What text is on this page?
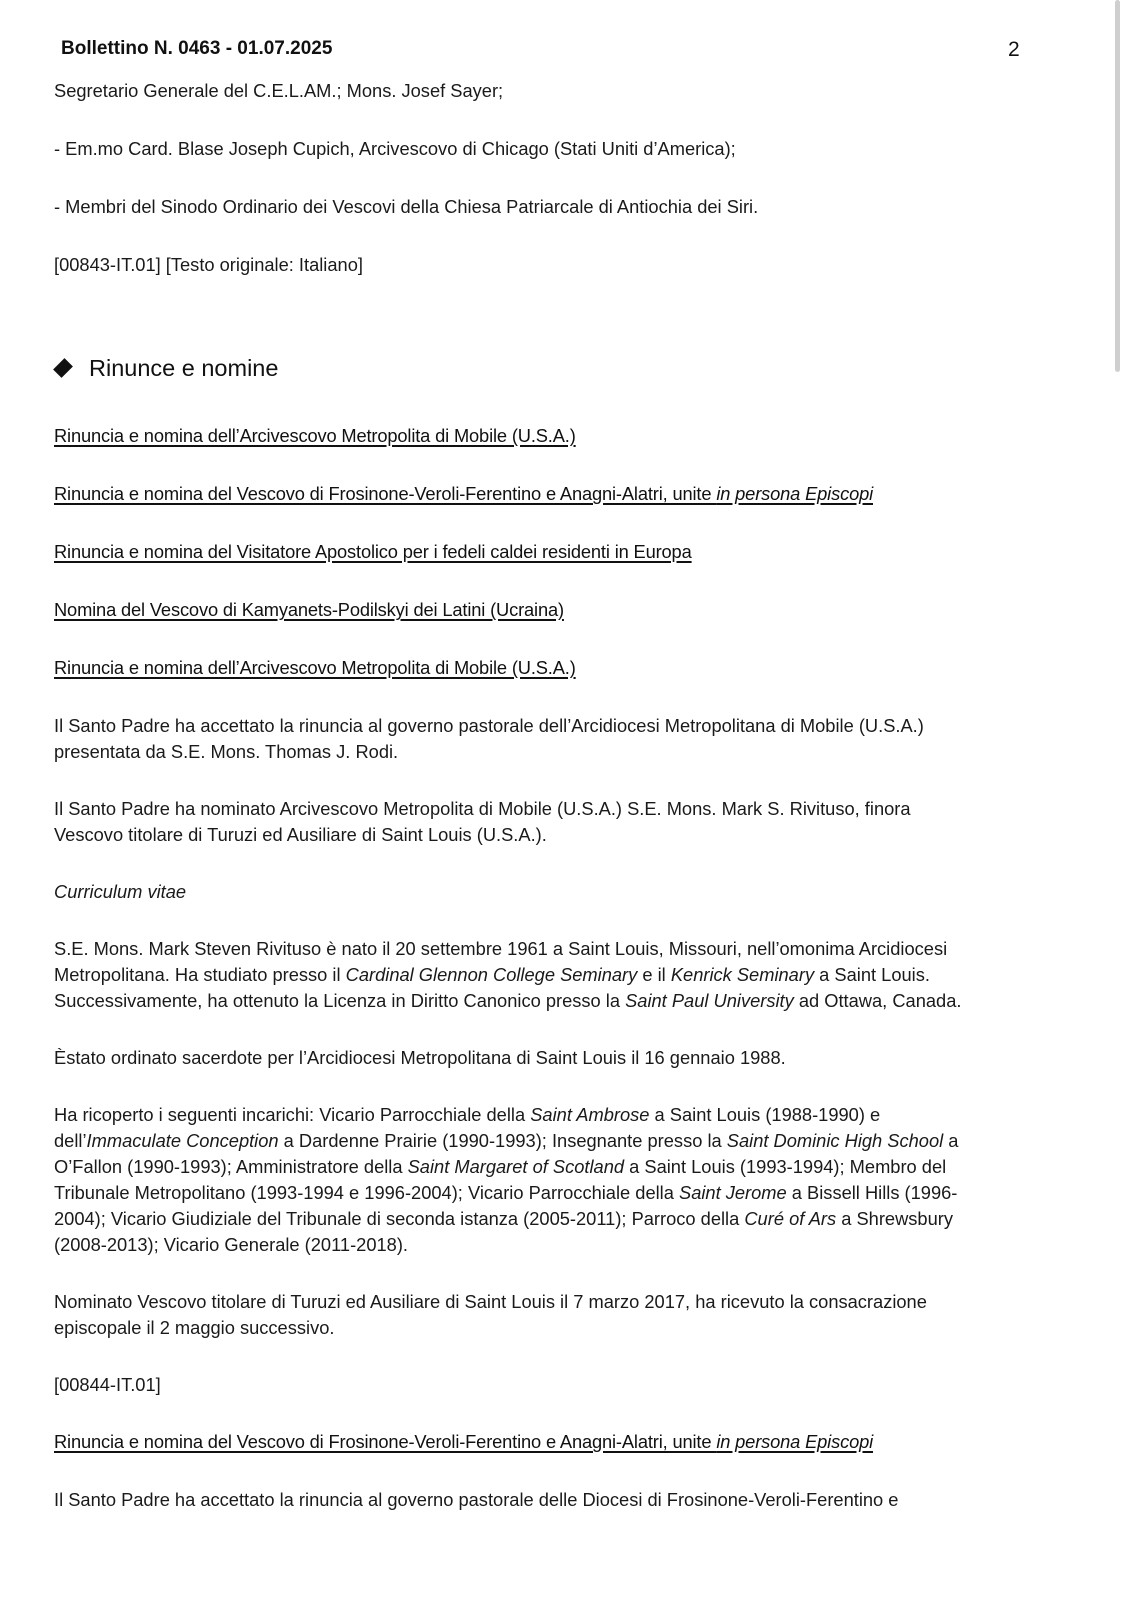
Bollettino N. 0463 - 01.07.2025	2
Segretario Generale del C.E.L.AM.; Mons. Josef Sayer;
- Em.mo Card. Blase Joseph Cupich, Arcivescovo di Chicago (Stati Uniti d’America);
- Membri del Sinodo Ordinario dei Vescovi della Chiesa Patriarcale di Antiochia dei Siri.
[00843-IT.01] [Testo originale: Italiano]
Rinunce e nomine
Rinuncia e nomina dell’Arcivescovo Metropolita di Mobile (U.S.A.)
Rinuncia e nomina del Vescovo di Frosinone-Veroli-Ferentino e Anagni-Alatri, unite in persona Episcopi
Rinuncia e nomina del Visitatore Apostolico per i fedeli caldei residenti in Europa
Nomina del Vescovo di Kamyanets-Podilskyi dei Latini (Ucraina)
Rinuncia e nomina dell’Arcivescovo Metropolita di Mobile (U.S.A.)
Il Santo Padre ha accettato la rinuncia al governo pastorale dell’Arcidiocesi Metropolitana di Mobile (U.S.A.)
presentata da S.E. Mons. Thomas J. Rodi.
Il Santo Padre ha nominato Arcivescovo Metropolita di Mobile (U.S.A.) S.E. Mons. Mark S. Rivituso, finora
Vescovo titolare di Turuzi ed Ausiliare di Saint Louis (U.S.A.).
Curriculum vitae
S.E. Mons. Mark Steven Rivituso è nato il 20 settembre 1961 a Saint Louis, Missouri, nell’omonima Arcidiocesi
Metropolitana. Ha studiato presso il Cardinal Glennon College Seminary e il Kenrick Seminary a Saint Louis.
Successivamente, ha ottenuto la Licenza in Diritto Canonico presso la Saint Paul University ad Ottawa, Canada.
Èstato ordinato sacerdote per l’Arcidiocesi Metropolitana di Saint Louis il 16 gennaio 1988.
Ha ricoperto i seguenti incarichi: Vicario Parrocchiale della Saint Ambrose a Saint Louis (1988-1990) e
dell’Immaculate Conception a Dardenne Prairie (1990-1993); Insegnante presso la Saint Dominic High School a
O’Fallon (1990-1993); Amministratore della Saint Margaret of Scotland a Saint Louis (1993-1994); Membro del
Tribunale Metropolitano (1993-1994 e 1996-2004); Vicario Parrocchiale della Saint Jerome a Bissell Hills (1996-
2004); Vicario Giudiziale del Tribunale di seconda istanza (2005-2011); Parroco della Curé of Ars a Shrewsbury
(2008-2013); Vicario Generale (2011-2018).
Nominato Vescovo titolare di Turuzi ed Ausiliare di Saint Louis il 7 marzo 2017, ha ricevuto la consacrazione
episcopale il 2 maggio successivo.
[00844-IT.01]
Rinuncia e nomina del Vescovo di Frosinone-Veroli-Ferentino e Anagni-Alatri, unite in persona Episcopi
Il Santo Padre ha accettato la rinuncia al governo pastorale delle Diocesi di Frosinone-Veroli-Ferentino e
